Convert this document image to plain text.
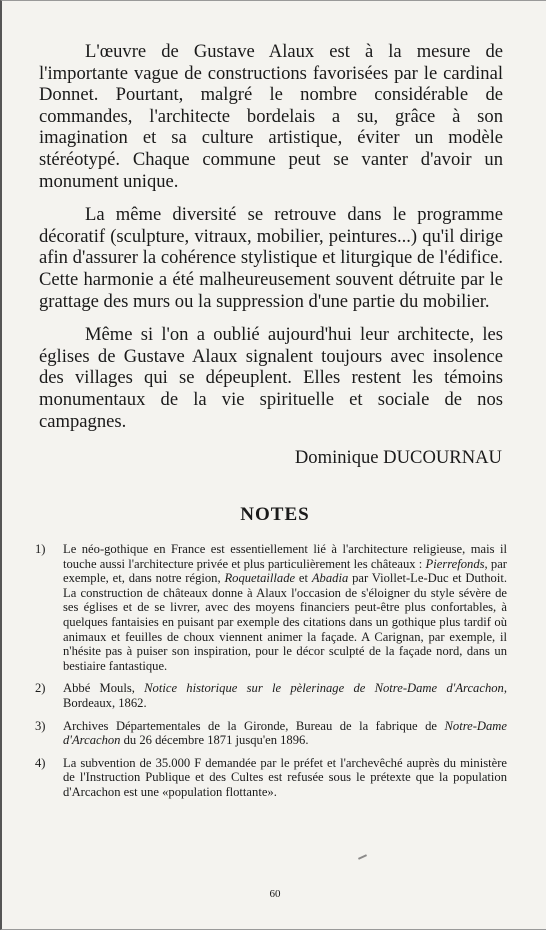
L'œuvre de Gustave Alaux est à la mesure de l'importante vague de constructions favorisées par le cardinal Donnet. Pourtant, malgré le nombre considérable de commandes, l'architecte bordelais a su, grâce à son imagination et sa culture artistique, éviter un modèle stéréotypé. Chaque commune peut se vanter d'avoir un monument unique.

La même diversité se retrouve dans le programme décoratif (sculpture, vitraux, mobilier, peintures...) qu'il dirige afin d'assurer la cohérence stylistique et liturgique de l'édifice. Cette harmonie a été malheureusement souvent détruite par le grattage des murs ou la suppression d'une partie du mobilier.

Même si l'on a oublié aujourd'hui leur architecte, les églises de Gustave Alaux signalent toujours avec insolence des villages qui se dépeuplent. Elles restent les témoins monumentaux de la vie spirituelle et sociale de nos campagnes.

Dominique DUCOURNAU
NOTES
1)	Le néo-gothique en France est essentiellement lié à l'architecture religieuse, mais il touche aussi l'architecture privée et plus particulièrement les châteaux : Pierrefonds, par exemple, et, dans notre région, Roquetaillade et Abadia par Viollet-Le-Duc et Duthoit. La construction de châteaux donne à Alaux l'occasion de s'éloigner du style sévère de ses églises et de se livrer, avec des moyens financiers peut-être plus confortables, à quelques fantaisies en puisant par exemple des citations dans un gothique plus tardif où animaux et feuilles de choux viennent animer la façade. A Carignan, par exemple, il n'hésite pas à puiser son inspiration, pour le décor sculpté de la façade nord, dans un bestiaire fantastique.
2)	Abbé Mouls, Notice historique sur le pèlerinage de Notre-Dame d'Arcachon, Bordeaux, 1862.
3)	Archives Départementales de la Gironde, Bureau de la fabrique de Notre-Dame d'Arcachon du 26 décembre 1871 jusqu'en 1896.
4)	La subvention de 35.000 F demandée par le préfet et l'archevêché auprès du ministère de l'Instruction Publique et des Cultes est refusée sous le prétexte que la population d'Arcachon est une «population flottante».
60
